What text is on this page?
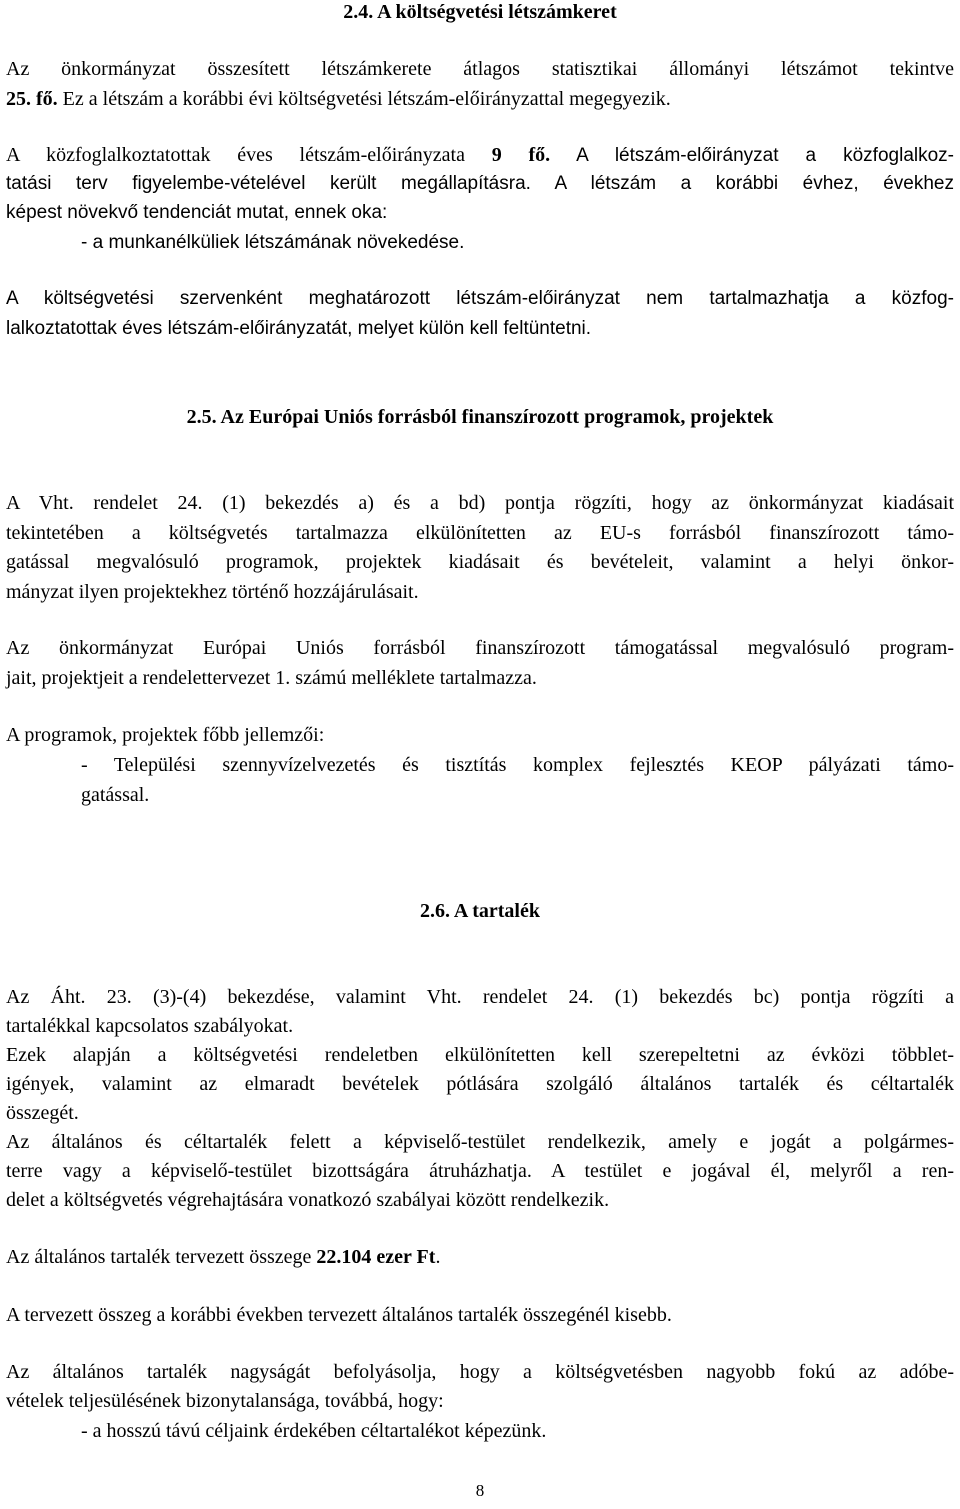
2.4. A költségvetési létszámkeret
Az önkormányzat összesített létszámkerete átlagos statisztikai állományi létszámot tekintve
25. fő. Ez a létszám a korábbi évi költségvetési létszám-előirányzattal megegyezik.
A közfoglalkoztatottak éves létszám-előirányzata 9 fő. A létszám-előirányzat a közfoglalkoz-
tatási terv figyelembe-vételével került megállapításra. A létszám a korábbi évhez, évekhez
képest növekvő tendenciát mutat, ennek oka:
- a munkanélküliek létszámának növekedése.
A költségvetési szervenként meghatározott létszám-előirányzat nem tartalmazhatja a közfog-
lalkoztatottak éves létszám-előirányzatát, melyet külön kell feltüntetni.
2.5. Az Európai Uniós forrásból finanszírozott programok, projektek
A Vht. rendelet 24. (1) bekezdés a) és a bd) pontja rögzíti, hogy az önkormányzat kiadásait
tekintetében a költségvetés tartalmazza elkülönítetten az EU-s forrásból finanszírozott támo-
gatással megvalósuló programok, projektek kiadásait és bevételeit, valamint a helyi önkor-
mányzat ilyen projektekhez történő hozzájárulásait.
Az önkormányzat Európai Uniós forrásból finanszírozott támogatással megvalósuló program-
jait, projektjeit a rendelettervezet 1. számú melléklete tartalmazza.
A programok, projektek főbb jellemzői:
- Települési szennyvízelvezetés és tisztítás komplex fejlesztés KEOP pályázati támo-
gatással.
2.6. A tartalék
Az Áht. 23. (3)-(4) bekezdése, valamint Vht. rendelet 24. (1) bekezdés bc) pontja rögzíti a
tartalékkal kapcsolatos szabályokat.
Ezek alapján a költségvetési rendeletben elkülönítetten kell szerepeltetni az évközi többlet-
igények, valamint az elmaradt bevételek pótlására szolgáló általános tartalék és céltartalék
összegét.
Az általános és céltartalék felett a képviselő-testület rendelkezik, amely e jogát a polgármes-
terre vagy a képviselő-testület bizottságára átruházhatja. A testület e jogával él, melyről a ren-
delet a költségvetés végrehajtására vonatkozó szabályai között rendelkezik.
Az általános tartalék tervezett összege 22.104 ezer Ft.
A tervezett összeg a korábbi években tervezett általános tartalék összegénél kisebb.
Az általános tartalék nagyságát befolyásolja, hogy a költségvetésben nagyobb fokú az adóbe-
vételek teljesülésének bizonytalansága, továbbá, hogy:
- a hosszú távú céljaink érdekében céltartalékot képezünk.
8
